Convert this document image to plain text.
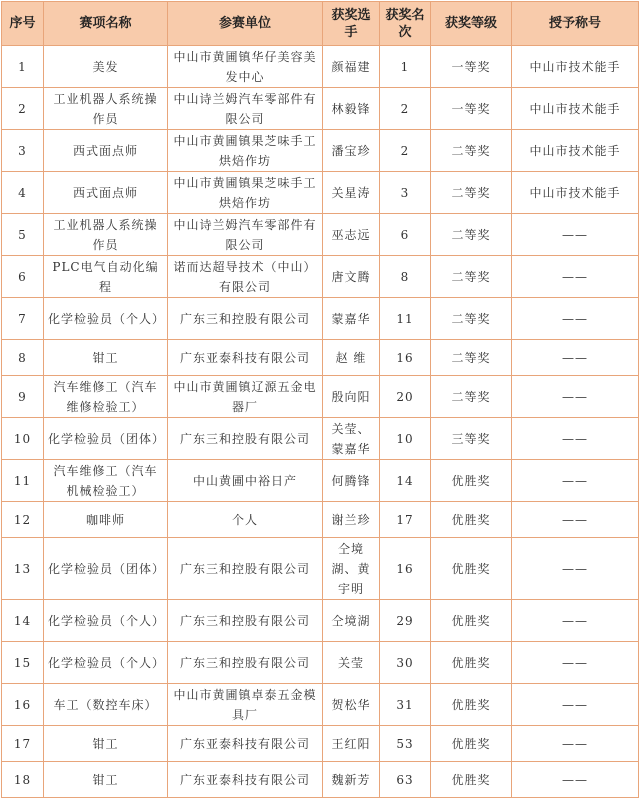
序号	赛项名称	参赛单位	获奖选手	获奖名次	获奖等级	授予称号
1	美发	中山市黄圃镇华仔美容美发中心	颜福建	1	一等奖	中山市技术能手
2	工业机器人系统操作员	中山诗兰姆汽车零部件有限公司	林毅锋	2	一等奖	中山市技术能手
3	西式面点师	中山市黄圃镇果芝味手工烘焙作坊	潘宝珍	2	二等奖	中山市技术能手
4	西式面点师	中山市黄圃镇果芝味手工烘焙作坊	关星涛	3	二等奖	中山市技术能手
5	工业机器人系统操作员	中山诗兰姆汽车零部件有限公司	巫志远	6	二等奖	——
6	PLC电气自动化编程	诺而达超导技术（中山）有限公司	唐文腾	8	二等奖	——
7	化学检验员（个人）	广东三和控股有限公司	蒙嘉华	11	二等奖	——
8	钳工	广东亚泰科技有限公司	赵 维	16	二等奖	——
9	汽车维修工（汽车维修检验工）	中山市黄圃镇辽源五金电器厂	殷向阳	20	二等奖	——
10	化学检验员（团体）	广东三和控股有限公司	关莹、蒙嘉华	10	三等奖	——
11	汽车维修工（汽车机械检验工）	中山黄圃中裕日产	何腾锋	14	优胜奖	——
12	咖啡师	个人	谢兰珍	17	优胜奖	——
13	化学检验员（团体）	广东三和控股有限公司	仝境湖、黄宇明	16	优胜奖	——
14	化学检验员（个人）	广东三和控股有限公司	仝境湖	29	优胜奖	——
15	化学检验员（个人）	广东三和控股有限公司	关莹	30	优胜奖	——
16	车工（数控车床）	中山市黄圃镇卓泰五金模具厂	贺松华	31	优胜奖	——
17	钳工	广东亚泰科技有限公司	王红阳	53	优胜奖	——
18	钳工	广东亚泰科技有限公司	魏新芳	63	优胜奖	——
